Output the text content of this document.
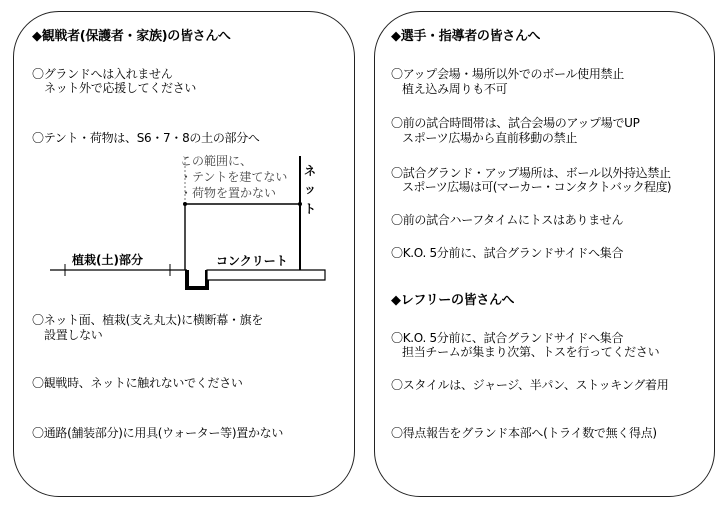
◆観戦者(保護者・家族)の皆さんへ
〇グランドへは入れません
ネット外で応援してください
〇テント・荷物は、S6・7・8の土の部分へ
この範囲に、
・テントを建てない
・荷物を置かない
ネ
ッ
ト
植栽(土)部分	コンクリート
〇ネット面、植栽(支え丸太)に横断幕・旗を
設置しない
〇観戦時、ネットに触れないでください
〇通路(舗装部分)に用具(ウォーター等)置かない
◆選手・指導者の皆さんへ
〇アップ会場・場所以外でのボール使用禁止
植え込み周りも不可
〇前の試合時間帯は、試合会場のアップ場でUP
スポーツ広場から直前移動の禁止
〇試合グランド・アップ場所は、ボール以外持込禁止
スポーツ広場は可(マーカー・コンタクトバック程度)
〇前の試合ハーフタイムにトスはありません
〇K.O. 5分前に、試合グランドサイドへ集合
◆レフリーの皆さんへ
〇K.O. 5分前に、試合グランドサイドへ集合
担当チームが集まり次第、トスを行ってください
〇スタイルは、ジャージ、半パン、ストッキング着用
〇得点報告をグランド本部へ(トライ数で無く得点)
